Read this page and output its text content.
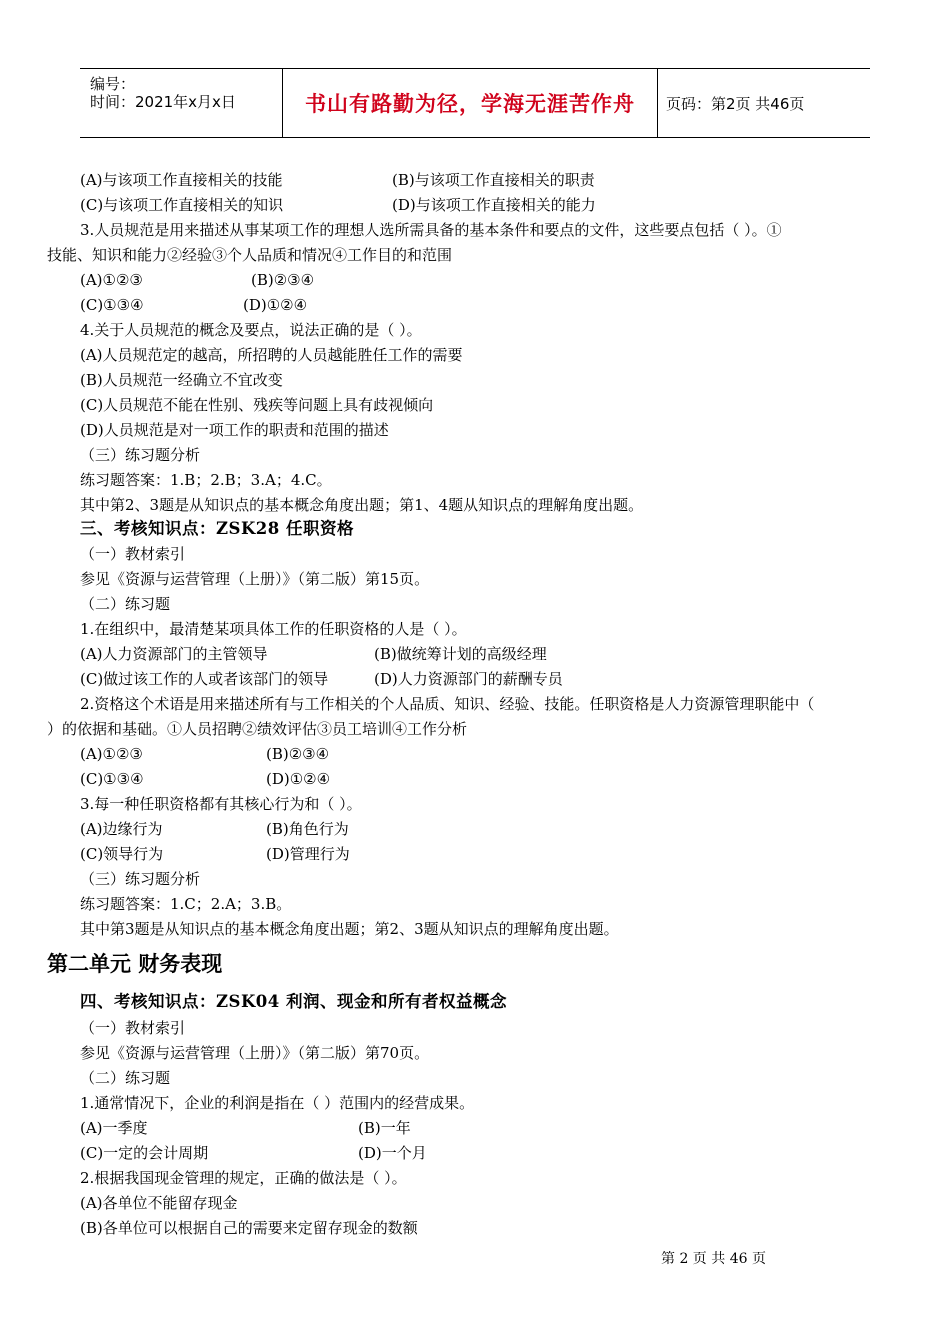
编号：
时间：2021年x月x日	书山有路勤为径，学海无涯苦作舟	页码：第2页 共46页
(A)与该项工作直接相关的技能	(B)与该项工作直接相关的职责
(C)与该项工作直接相关的知识	(D)与该项工作直接相关的能力
3.人员规范是用来描述从事某项工作的理想人选所需具备的基本条件和要点的文件，这些要点包括（ ）。①
技能、知识和能力②经验③个人品质和情况④工作目的和范围
(A)①②③	(B)②③④
(C)①③④	(D)①②④
4.关于人员规范的概念及要点，说法正确的是（ ）。
(A)人员规范定的越高，所招聘的人员越能胜任工作的需要
(B)人员规范一经确立不宜改变
(C)人员规范不能在性别、残疾等问题上具有歧视倾向
(D)人员规范是对一项工作的职责和范围的描述
（三）练习题分析
练习题答案：1.B；2.B；3.A；4.C。
其中第2、3题是从知识点的基本概念角度出题；第1、4题从知识点的理解角度出题。
三、考核知识点：ZSK28 任职资格
（一）教材索引
参见《资源与运营管理（上册）》（第二版）第15页。
（二）练习题
1.在组织中，最清楚某项具体工作的任职资格的人是（ ）。
(A)人力资源部门的主管领导	(B)做统筹计划的高级经理
(C)做过该工作的人或者该部门的领导	(D)人力资源部门的薪酬专员
2.资格这个术语是用来描述所有与工作相关的个人品质、知识、经验、技能。任职资格是人力资源管理职能中（
）的依据和基础。①人员招聘②绩效评估③员工培训④工作分析
(A)①②③	(B)②③④
(C)①③④	(D)①②④
3.每一种任职资格都有其核心行为和（ ）。
(A)边缘行为	(B)角色行为
(C)领导行为	(D)管理行为
（三）练习题分析
练习题答案：1.C；2.A；3.B。
其中第3题是从知识点的基本概念角度出题；第2、3题从知识点的理解角度出题。
第二单元 财务表现
四、考核知识点：ZSK04 利润、现金和所有者权益概念
（一）教材索引
参见《资源与运营管理（上册）》（第二版）第70页。
（二）练习题
1.通常情况下，企业的利润是指在（ ）范围内的经营成果。
(A)一季度	(B)一年
(C)一定的会计周期	(D)一个月
2.根据我国现金管理的规定，正确的做法是（ ）。
(A)各单位不能留存现金
(B)各单位可以根据自己的需要来定留存现金的数额
第 2 页 共 46 页
